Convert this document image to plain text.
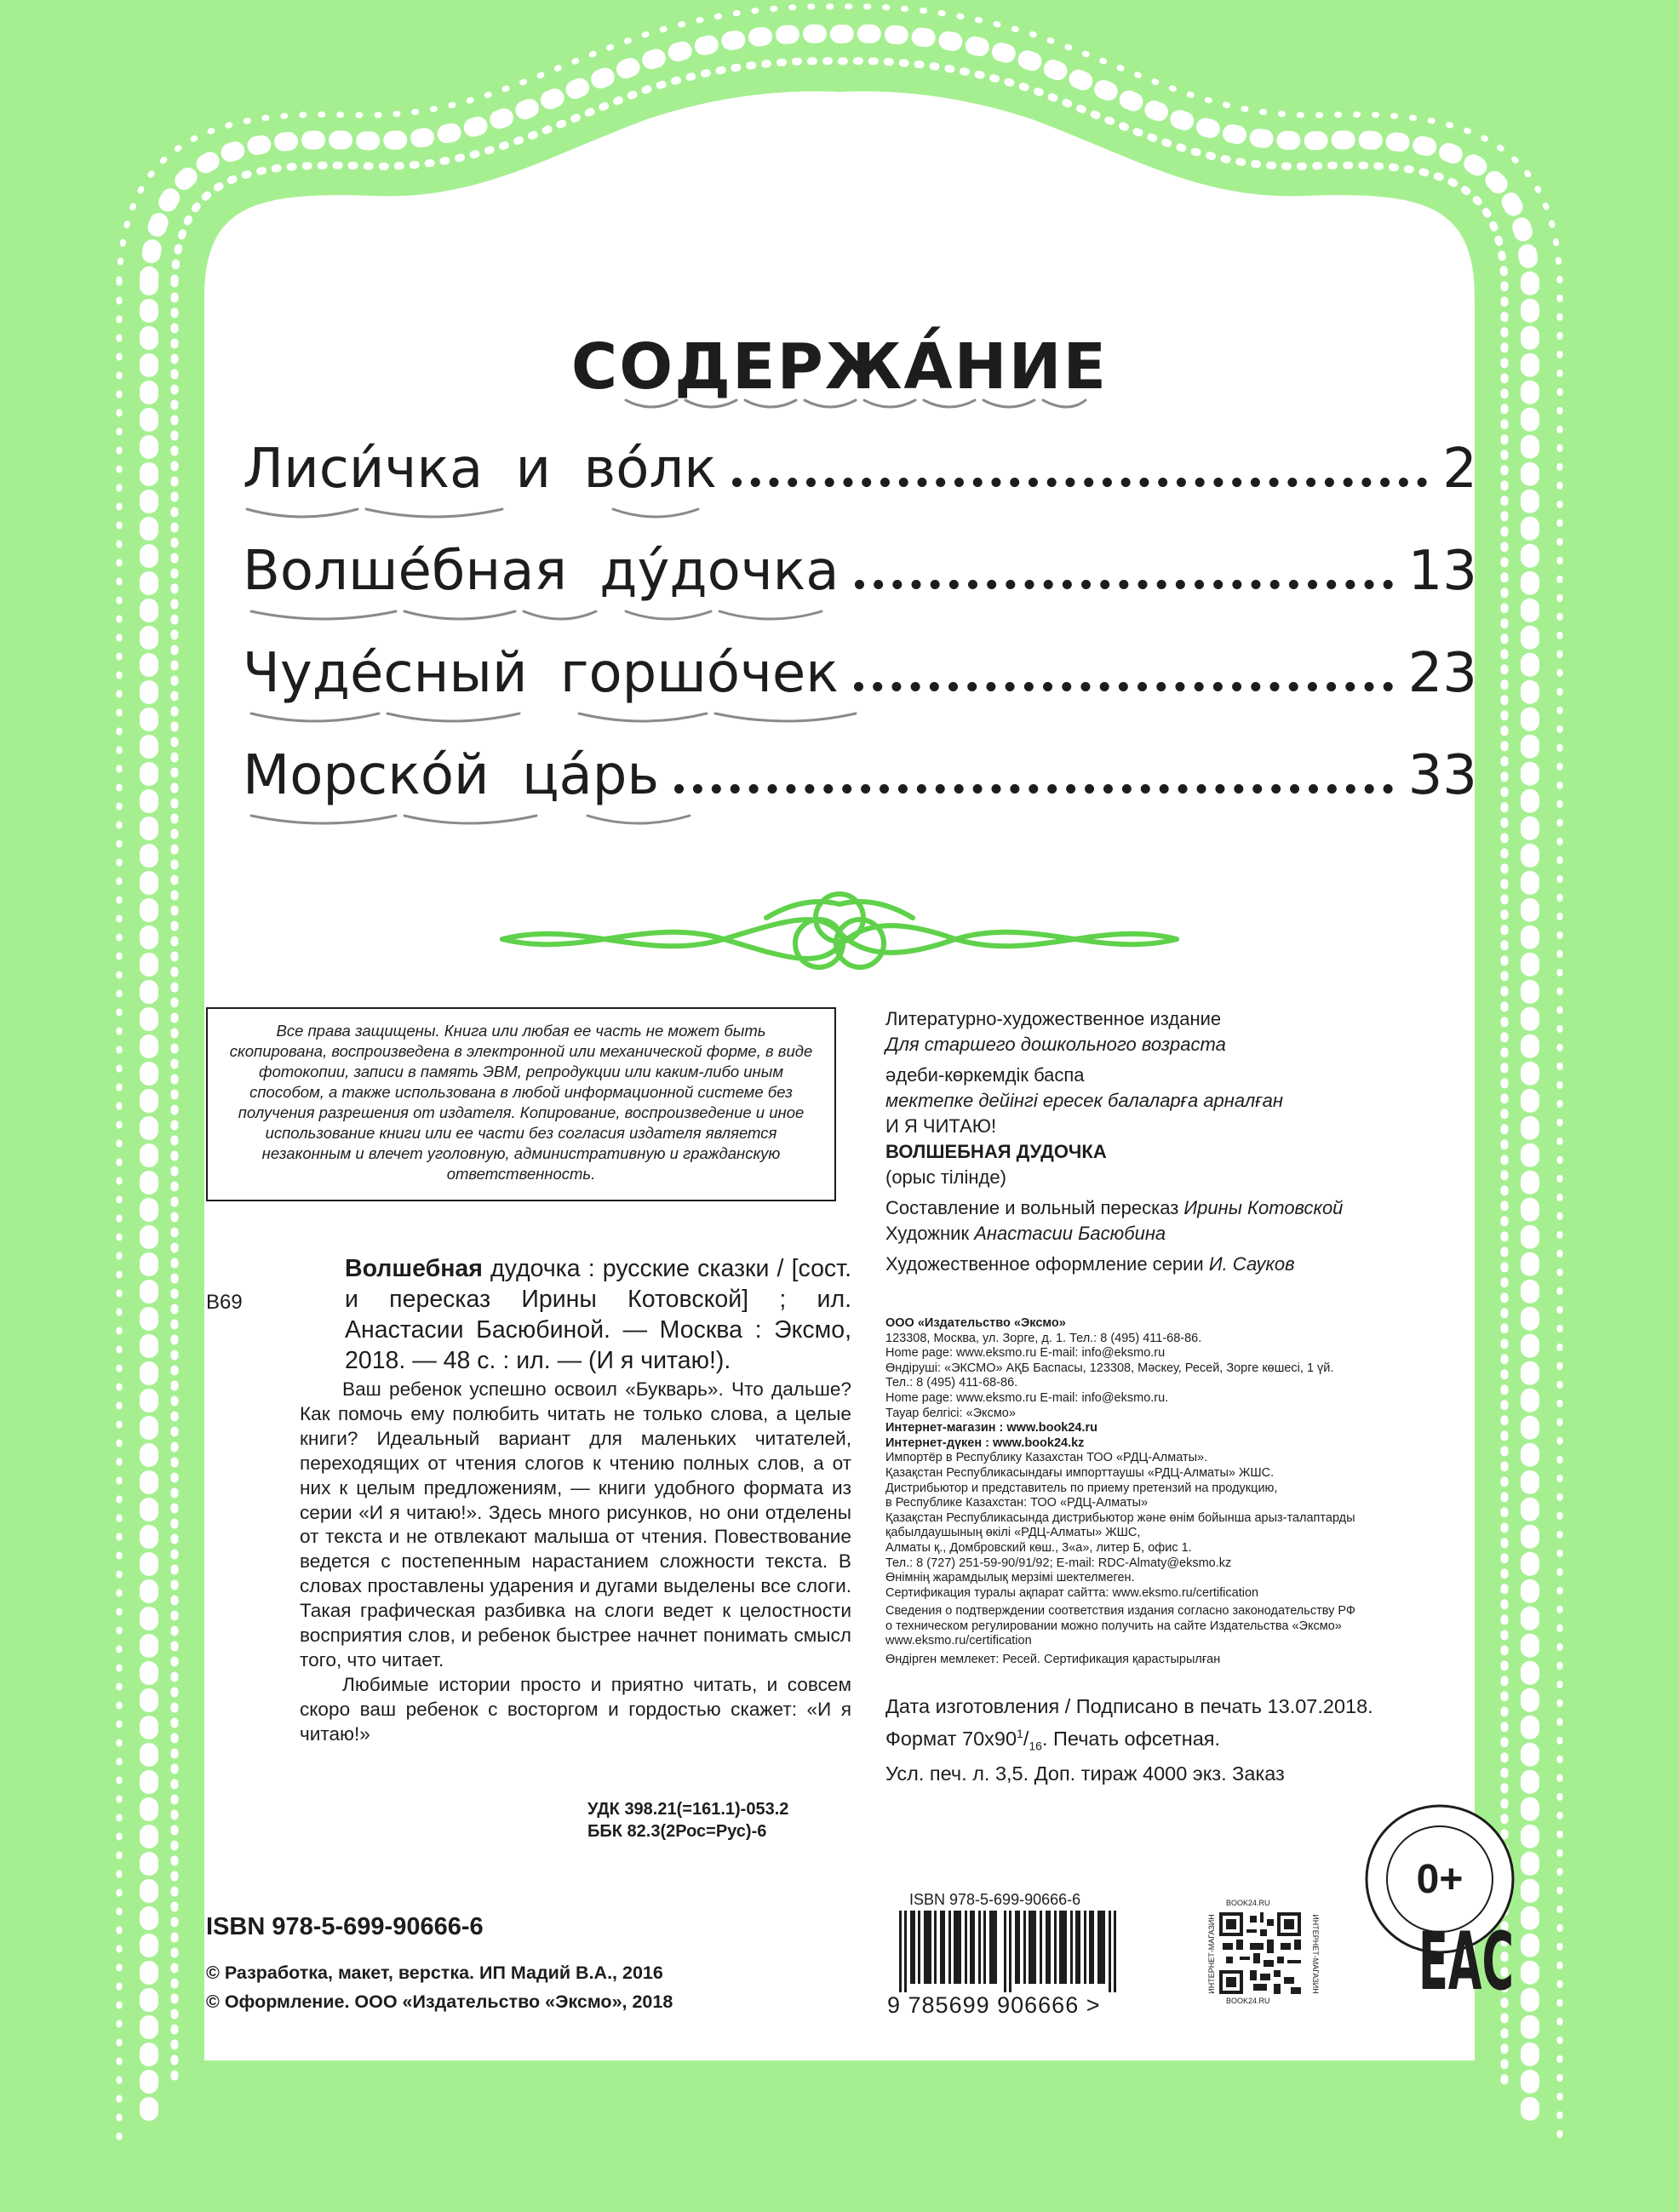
СОДЕРЖА́НИЕ
Лиси́чка и во́лк	2
Волше́бная ду́дочка	13
Чуде́сный горшо́чек	23
Морско́й ца́рь	33
Все права защищены. Книга или любая ее часть не может быть скопирована, воспроизведена в электронной или механической форме, в виде фотокопии, записи в память ЭВМ, репродукции или каким-либо иным способом, а также использована в любой информационной системе без получения разрешения от издателя. Копирование, воспроизведение и иное использование книги или ее части без согласия издателя является незаконным и влечет уголовную, административную и гражданскую ответственность.
Литературно-художественное издание
Для старшего дошкольного возраста
әдеби-көркемдік баспа
мектепке дейінгі ересек балаларға арналған
И Я ЧИТАЮ!
ВОЛШЕБНАЯ ДУДОЧКА
(орыс тілінде)
Составление и вольный пересказ Ирины Котовской
Художник Анастасии Басюбина
Художественное оформление серии И. Сауков
ООО «Издательство «Эксмо»
123308, Москва, ул. Зорге, д. 1. Тел.: 8 (495) 411-68-86.
Home page: www.eksmo.ru E-mail: info@eksmo.ru
Өндіруші: «ЭКСМО» АҚБ Баспасы, 123308, Мәскеу, Ресей, Зорге көшесі, 1 үй.
Тел.: 8 (495) 411-68-86.
Home page: www.eksmo.ru E-mail: info@eksmo.ru.
Тауар белгісі: «Эксмо»
Интернет-магазин : www.book24.ru
Интернет-дүкен : www.book24.kz
Импортёр в Республику Казахстан ТОО «РДЦ-Алматы».
Қазақстан Республикасындағы импорттаушы «РДЦ-Алматы» ЖШС.
Дистрибьютор и представитель по приему претензий на продукцию,
в Республике Казахстан: ТОО «РДЦ-Алматы»
Қазақстан Республикасында дистрибьютор және өнім бойынша арыз-талаптарды
қабылдаушының өкілі «РДЦ-Алматы» ЖШС,
Алматы қ., Домбровский көш., 3«а», литер Б, офис 1.
Тел.: 8 (727) 251-59-90/91/92; E-mail: RDC-Almaty@eksmo.kz
Өнімнің жарамдылық мерзімі шектелмеген.
Сертификация туралы ақпарат сайтта: www.eksmo.ru/certification
Сведения о подтверждении соответствия издания согласно законодательству РФ
о техническом регулировании можно получить на сайте Издательства «Эксмо»
www.eksmo.ru/certification
Өндірген мемлекет: Ресей. Сертификация қарастырылған
Дата изготовления / Подписано в печать 13.07.2018.
Формат $70х90^1/_{16}$. Печать офсетная.
Усл. печ. л. 3,5. Доп. тираж 4000 экз. Заказ
В69
Волшебная дудочка : русские сказки / [сост. и пересказ Ирины Котовской] ; ил. Анастасии Басюбиной. — Москва : Эксмо, 2018. — 48 с. : ил. — (И я читаю!).

Ваш ребенок успешно освоил «Букварь». Что дальше? Как помочь ему полюбить читать не только слова, а целые книги? Идеальный вариант для маленьких читателей, переходящих от чтения слогов к чтению полных слов, а от них к целым предложениям, — книги удобного формата из серии «И я читаю!». Здесь много рисунков, но они отделены от текста и не отвлекают малыша от чтения. Повествование ведется с постепенным нарастанием сложности текста. В словах проставлены ударения и дугами выделены все слоги. Такая графическая разбивка на слоги ведет к целостности восприятия слов, и ребенок быстрее начнет понимать смысл того, что читает.

Любимые истории просто и приятно читать, и совсем скоро ваш ребенок с восторгом и гордостью скажет: «И я читаю!»

УДК 398.21(=161.1)-053.2
ББК 82.3(2Рос=Рус)-6
ISBN 978-5-699-90666-6
© Разработка, макет, верстка. ИП Мадий В.А., 2016
© Оформление. ООО «Издательство «Эксмо», 2018
ISBN 978-5-699-90666-6
9 785699 906666 >
BOOK24.RU
BOOK24.RU
ИНТЕРНЕТ-МАГАЗИН	ИНТЕРНЕТ-МАГАЗИН
0+
EAC
